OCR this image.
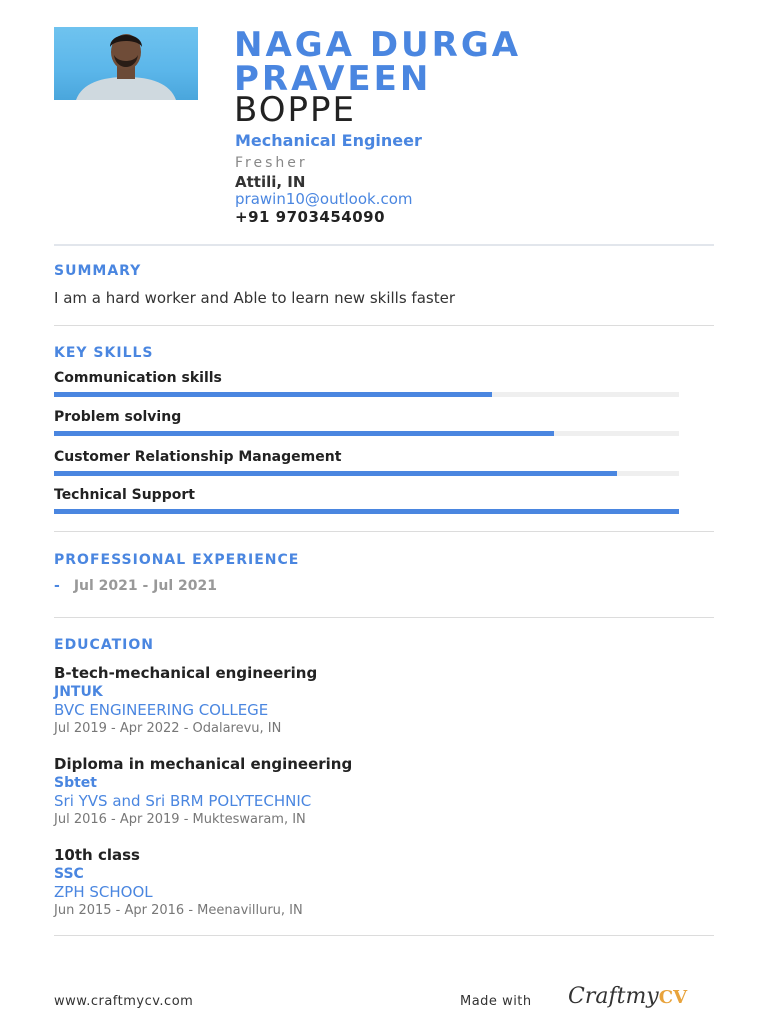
NAGA DURGA
PRAVEEN
BOPPE
Mechanical Engineer
Fresher
Attili, IN
prawin10@outlook.com
+91 9703454090
SUMMARY
I am a hard worker and Able to learn new skills faster
KEY SKILLS
Communication skills
Problem solving
Customer Relationship Management
Technical Support
PROFESSIONAL EXPERIENCE
- Jul 2021 - Jul 2021
EDUCATION
B-tech-mechanical engineering
JNTUK
BVC ENGINEERING COLLEGE
Jul 2019 - Apr 2022 - Odalarevu, IN
Diploma in mechanical engineering
Sbtet
Sri YVS and Sri BRM POLYTECHNIC
Jul 2016 - Apr 2019 - Mukteswaram, IN
10th class
SSC
ZPH SCHOOL
Jun 2015 - Apr 2016 - Meenavilluru, IN
www.craftmycv.com	Made with CraftmyCV
